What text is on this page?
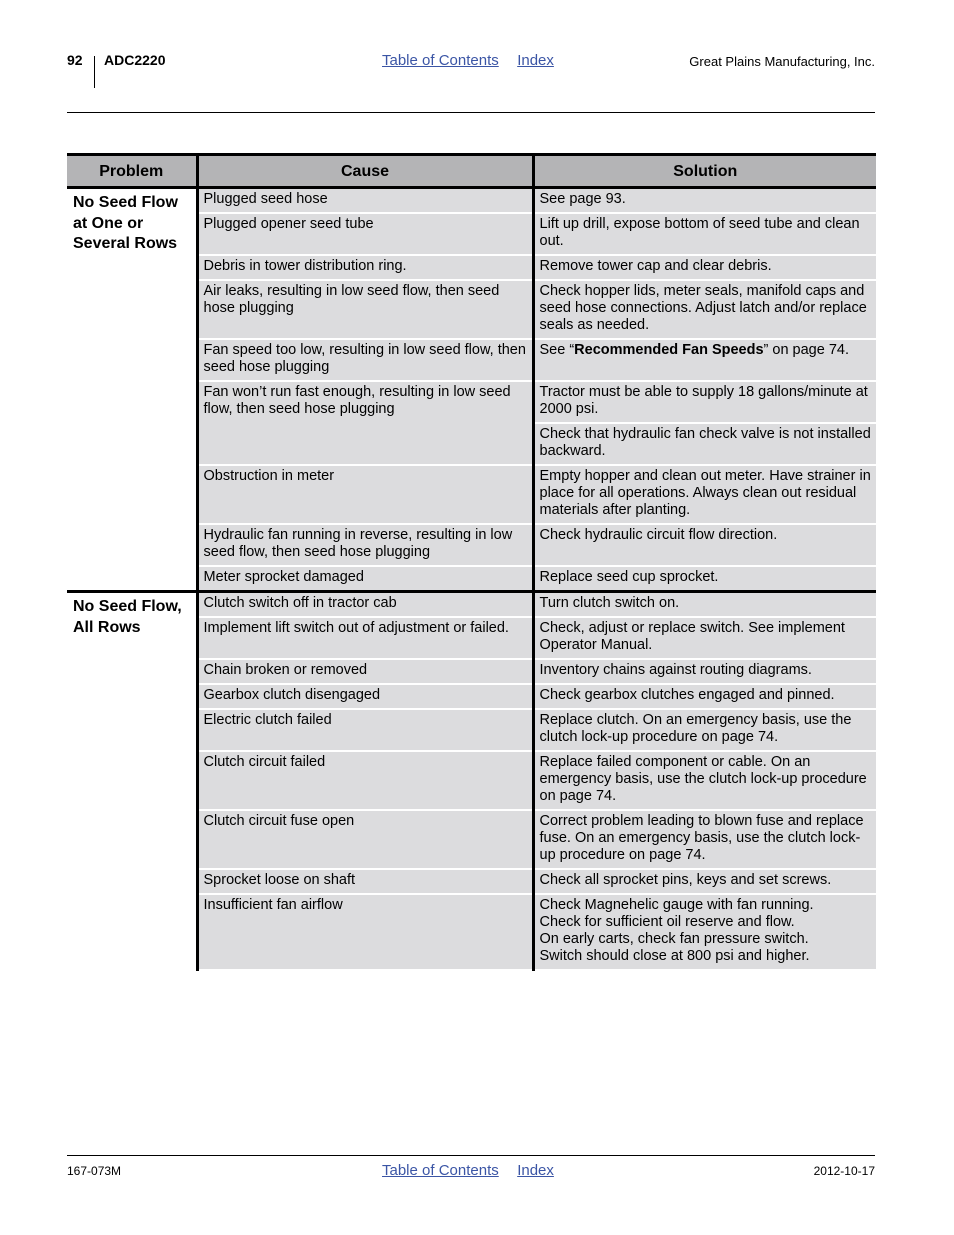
92 ADC2220	Table of Contents Index	Great Plains Manufacturing, Inc.
Problem	Cause	Solution
No Seed Flow at One or Several Rows	Plugged seed hose	See page 93.
	Plugged opener seed tube	Lift up drill, expose bottom of seed tube and clean out.
	Debris in tower distribution ring.	Remove tower cap and clear debris.
	Air leaks, resulting in low seed flow, then seed hose plugging	Check hopper lids, meter seals, manifold caps and seed hose connections. Adjust latch and/or replace seals as needed.
	Fan speed too low, resulting in low seed flow, then seed hose plugging	See “Recommended Fan Speeds” on page 74.
	Fan won’t run fast enough, resulting in low seed flow, then seed hose plugging	Tractor must be able to supply 18 gallons/minute at 2000 psi.
		Check that hydraulic fan check valve is not installed backward.
	Obstruction in meter	Empty hopper and clean out meter. Have strainer in place for all operations. Always clean out residual materials after planting.
	Hydraulic fan running in reverse, resulting in low seed flow, then seed hose plugging	Check hydraulic circuit flow direction.
	Meter sprocket damaged	Replace seed cup sprocket.
No Seed Flow, All Rows	Clutch switch off in tractor cab	Turn clutch switch on.
	Implement lift switch out of adjustment or failed.	Check, adjust or replace switch. See implement Operator Manual.
	Chain broken or removed	Inventory chains against routing diagrams.
	Gearbox clutch disengaged	Check gearbox clutches engaged and pinned.
	Electric clutch failed	Replace clutch. On an emergency basis, use the clutch lock-up procedure on page 74.
	Clutch circuit failed	Replace failed component or cable. On an emergency basis, use the clutch lock-up procedure on page 74.
	Clutch circuit fuse open	Correct problem leading to blown fuse and replace fuse. On an emergency basis, use the clutch lock-up procedure on page 74.
	Sprocket loose on shaft	Check all sprocket pins, keys and set screws.
	Insufficient fan airflow	Check Magnehelic gauge with fan running.
Check for sufficient oil reserve and flow.
On early carts, check fan pressure switch.
Switch should close at 800 psi and higher.
167-073M	Table of Contents Index	2012-10-17
